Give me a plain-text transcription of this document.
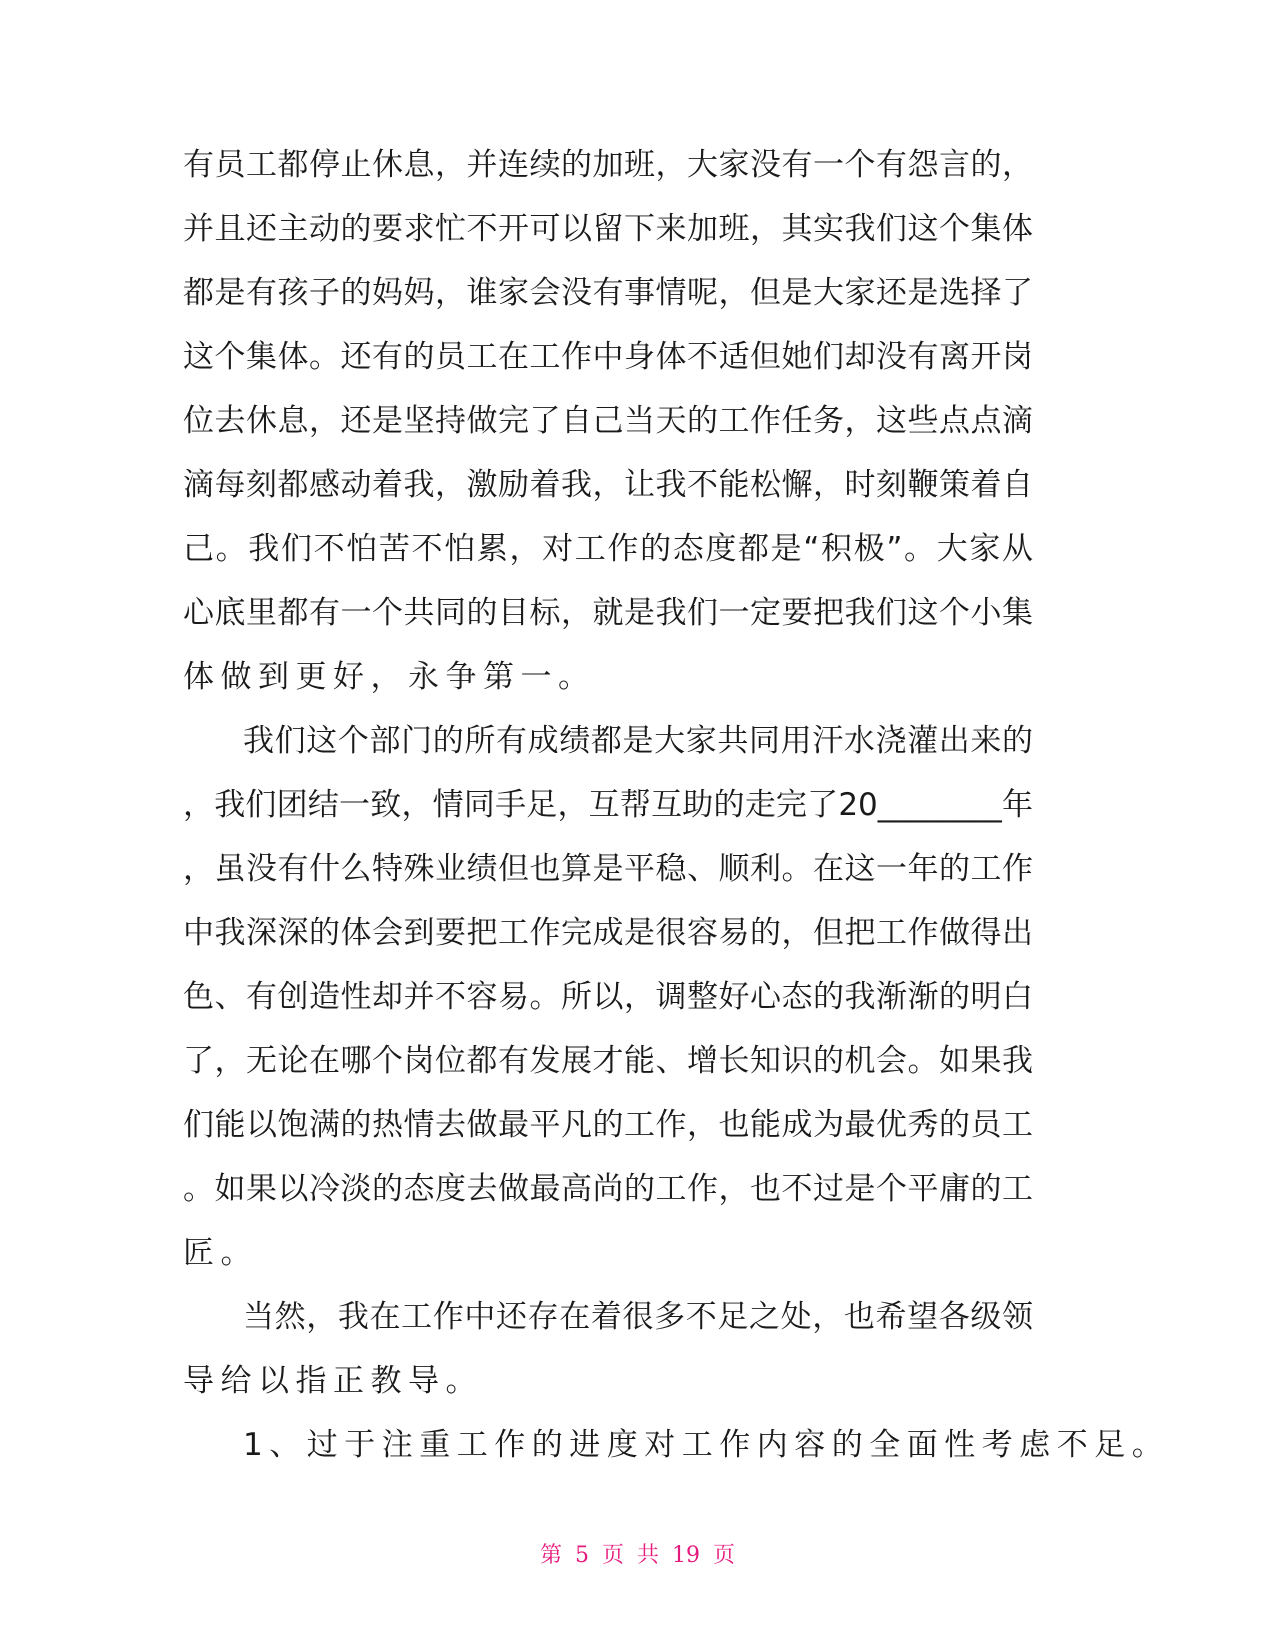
有员工都停止休息，并连续的加班，大家没有一个有怨言的，
并且还主动的要求忙不开可以留下来加班，其实我们这个集体
都是有孩子的妈妈，谁家会没有事情呢，但是大家还是选择了
这个集体。还有的员工在工作中身体不适但她们却没有离开岗
位去休息，还是坚持做完了自己当天的工作任务，这些点点滴
滴每刻都感动着我，激励着我，让我不能松懈，时刻鞭策着自
己。我们不怕苦不怕累，对工作的态度都是“积极”。大家从
心底里都有一个共同的目标，就是我们一定要把我们这个小集
体做到更好，永争第一。
我们这个部门的所有成绩都是大家共同用汗水浇灌出来的
，我们团结一致，情同手足，互帮互助的走完了20________年
，虽没有什么特殊业绩但也算是平稳、顺利。在这一年的工作
中我深深的体会到要把工作完成是很容易的，但把工作做得出
色、有创造性却并不容易。所以，调整好心态的我渐渐的明白
了，无论在哪个岗位都有发展才能、增长知识的机会。如果我
们能以饱满的热情去做最平凡的工作，也能成为最优秀的员工
。如果以冷淡的态度去做最高尚的工作，也不过是个平庸的工
匠。
当然，我在工作中还存在着很多不足之处，也希望各级领
导给以指正教导。
1、过于注重工作的进度对工作内容的全面性考虑不足。
第 5 页 共 19 页
